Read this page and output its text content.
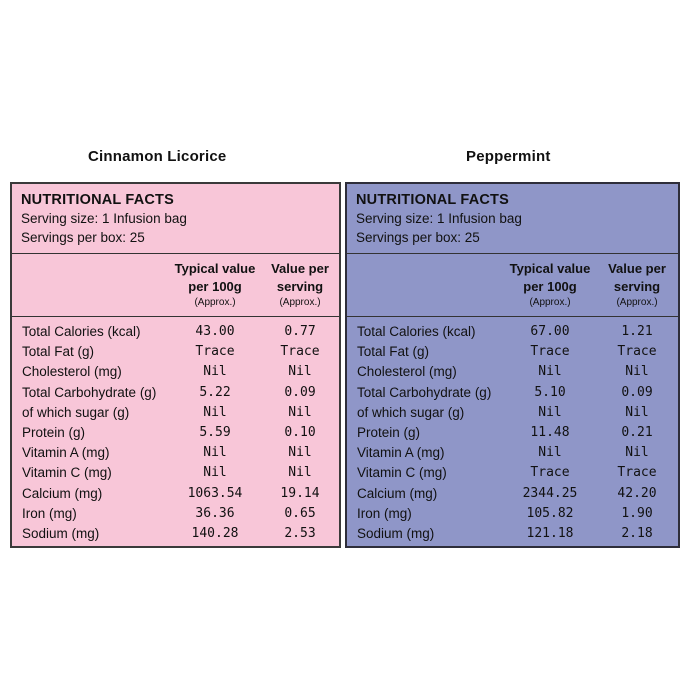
Cinnamon Licorice	Peppermint
NUTRITIONAL FACTS
Serving size: 1 Infusion bag
Servings per box: 25
Typical value
per 100g
(Approx.)
Value per
serving
(Approx.)
Total Calories (kcal)	43.00	0.77
Total Fat (g)	Trace	Trace
Cholesterol (mg)	Nil	Nil
Total Carbohydrate (g)	5.22	0.09
of which sugar (g)	Nil	Nil
Protein (g)	5.59	0.10
Vitamin A (mg)	Nil	Nil
Vitamin C (mg)	Nil	Nil
Calcium (mg)	1063.54	19.14
Iron (mg)	36.36	0.65
Sodium (mg)	140.28	2.53
NUTRITIONAL FACTS
Serving size: 1 Infusion bag
Servings per box: 25
Typical value
per 100g
(Approx.)
Value per
serving
(Approx.)
Total Calories (kcal)	67.00	1.21
Total Fat (g)	Trace	Trace
Cholesterol (mg)	Nil	Nil
Total Carbohydrate (g)	5.10	0.09
of which sugar (g)	Nil	Nil
Protein (g)	11.48	0.21
Vitamin A (mg)	Nil	Nil
Vitamin C (mg)	Trace	Trace
Calcium (mg)	2344.25	42.20
Iron (mg)	105.82	1.90
Sodium (mg)	121.18	2.18
